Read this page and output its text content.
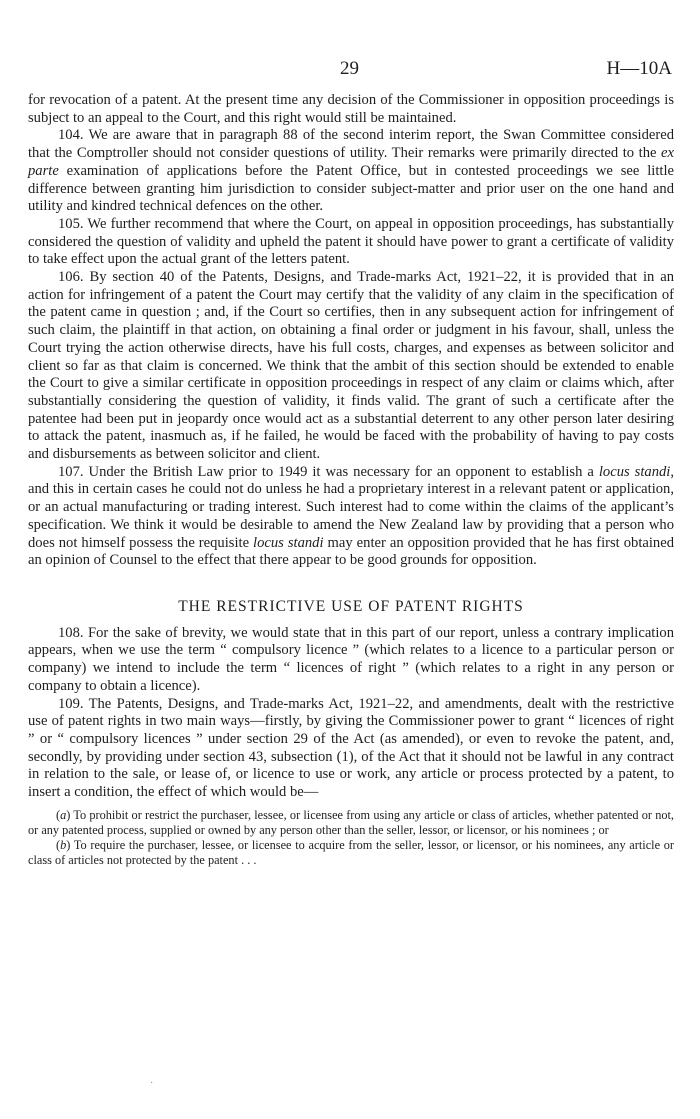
29	H—10A

for revocation of a patent. At the present time any decision of the Commissioner in opposition proceedings is subject to an appeal to the Court, and this right would still be maintained.

104. We are aware that in paragraph 88 of the second interim report, the Swan Committee considered that the Comptroller should not consider questions of utility. Their remarks were primarily directed to the ex parte examination of applications before the Patent Office, but in contested proceedings we see little difference between granting him jurisdiction to consider subject-matter and prior user on the one hand and utility and kindred technical defences on the other.

105. We further recommend that where the Court, on appeal in opposition proceedings, has substantially considered the question of validity and upheld the patent it should have power to grant a certificate of validity to take effect upon the actual grant of the letters patent.

106. By section 40 of the Patents, Designs, and Trade-marks Act, 1921–22, it is provided that in an action for infringement of a patent the Court may certify that the validity of any claim in the specification of the patent came in question ; and, if the Court so certifies, then in any subsequent action for infringement of such claim, the plaintiff in that action, on obtaining a final order or judgment in his favour, shall, unless the Court trying the action otherwise directs, have his full costs, charges, and expenses as between solicitor and client so far as that claim is concerned. We think that the ambit of this section should be extended to enable the Court to give a similar certificate in opposition proceedings in respect of any claim or claims which, after substantially considering the question of validity, it finds valid. The grant of such a certificate after the patentee had been put in jeopardy once would act as a substantial deterrent to any other person later desiring to attack the patent, inasmuch as, if he failed, he would be faced with the probability of having to pay costs and disbursements as between solicitor and client.

107. Under the British Law prior to 1949 it was necessary for an opponent to establish a locus standi, and this in certain cases he could not do unless he had a proprietary interest in a relevant patent or application, or an actual manufacturing or trading interest. Such interest had to come within the claims of the applicant’s specification. We think it would be desirable to amend the New Zealand law by providing that a person who does not himself possess the requisite locus standi may enter an opposition provided that he has first obtained an opinion of Counsel to the effect that there appear to be good grounds for opposition.

THE RESTRICTIVE USE OF PATENT RIGHTS

108. For the sake of brevity, we would state that in this part of our report, unless a contrary implication appears, when we use the term “ compulsory licence ” (which relates to a licence to a particular person or company) we intend to include the term “ licences of right ” (which relates to a right in any person or company to obtain a licence).

109. The Patents, Designs, and Trade-marks Act, 1921–22, and amendments, dealt with the restrictive use of patent rights in two main ways—firstly, by giving the Commissioner power to grant “ licences of right ” or “ compulsory licences ” under section 29 of the Act (as amended), or even to revoke the patent, and, secondly, by providing under section 43, subsection (1), of the Act that it should not be lawful in any contract in relation to the sale, or lease of, or licence to use or work, any article or process protected by a patent, to insert a condition, the effect of which would be—

(a) To prohibit or restrict the purchaser, lessee, or licensee from using any article or class of articles, whether patented or not, or any patented process, supplied or owned by any person other than the seller, lessor, or licensor, or his nominees ; or

(b) To require the purchaser, lessee, or licensee to acquire from the seller, lessor, or licensor, or his nominees, any article or class of articles not protected by the patent . . .

·
